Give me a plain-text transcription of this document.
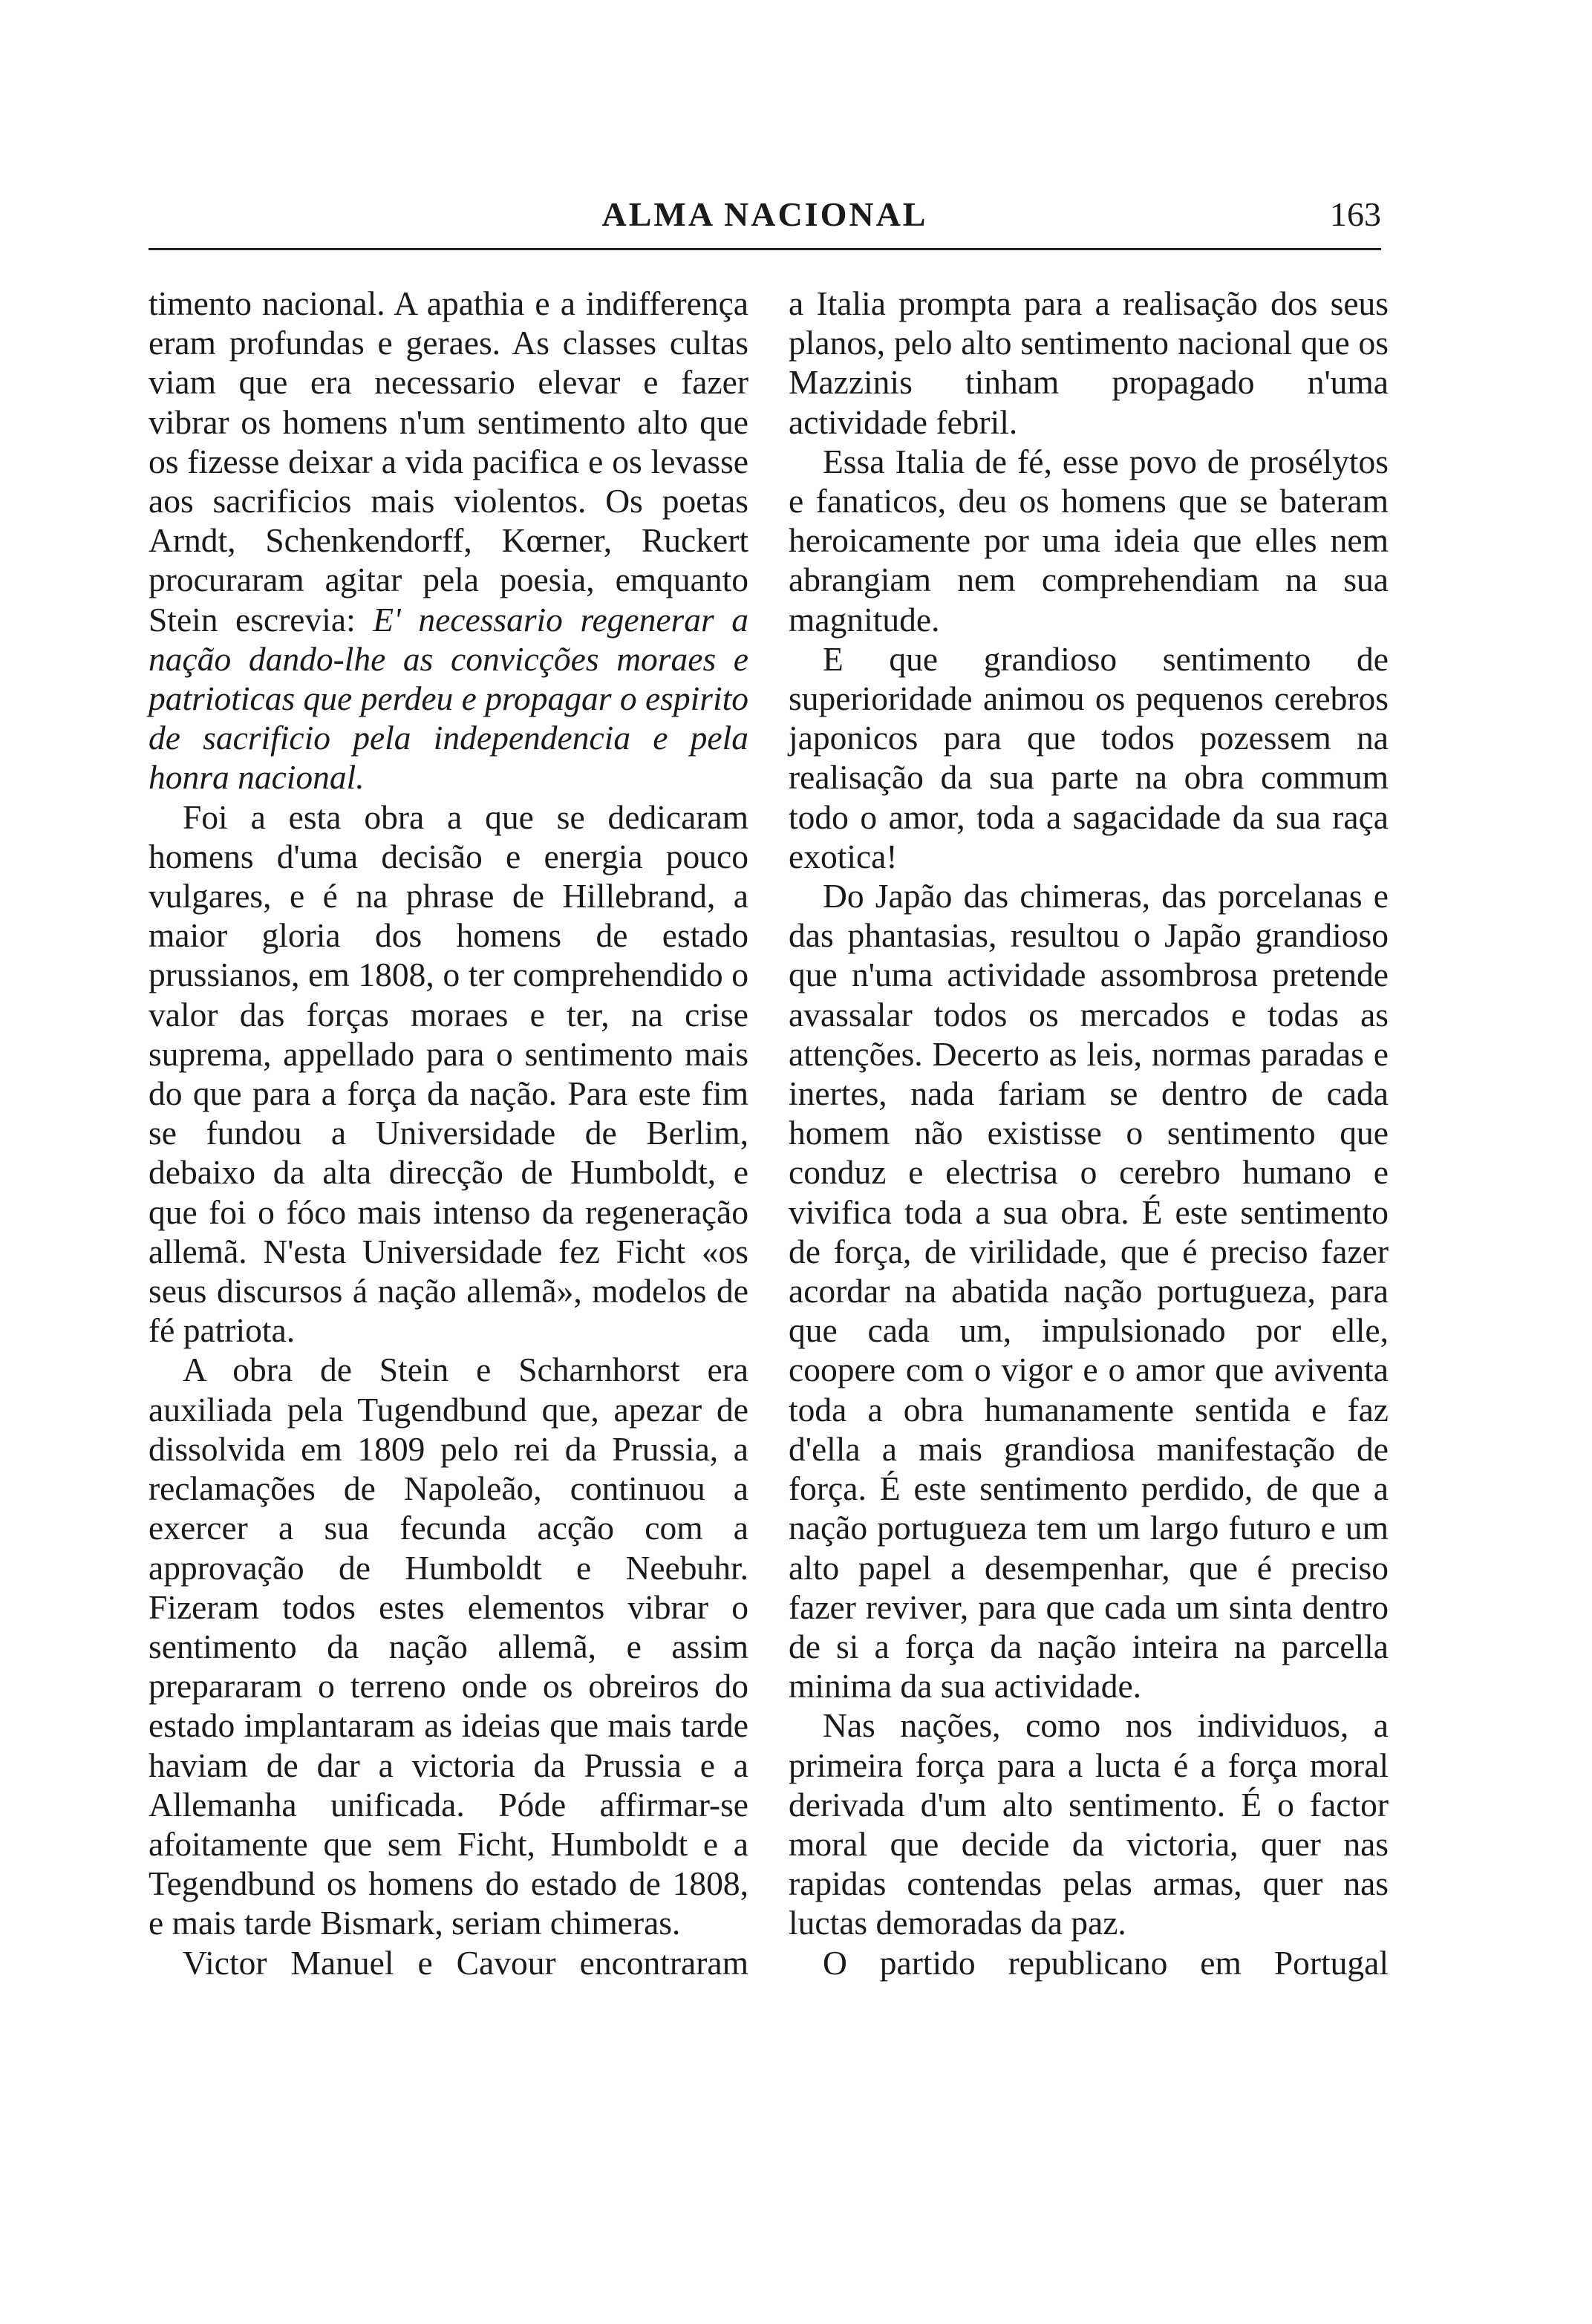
ALMA NACIONAL	163

timento nacional. A apathia e a indifferença eram profundas e geraes. As classes cultas viam que era necessario elevar e fazer vibrar os homens n'um sentimento alto que os fizesse deixar a vida pacifica e os levasse aos sacrificios mais violentos. Os poetas Arndt, Schenkendorff, Kœrner, Ruckert procuraram agitar pela poesia, emquanto Stein escrevia: E' necessario regenerar a nação dando-lhe as convicções moraes e patrioticas que perdeu e propagar o espirito de sacrificio pela independencia e pela honra nacional.

Foi a esta obra a que se dedicaram homens d'uma decisão e energia pouco vulgares, e é na phrase de Hillebrand, a maior gloria dos homens de estado prussianos, em 1808, o ter comprehendido o valor das forças moraes e ter, na crise suprema, appellado para o sentimento mais do que para a força da nação. Para este fim se fundou a Universidade de Berlim, debaixo da alta direcção de Humboldt, e que foi o fóco mais intenso da regeneração allemã. N'esta Universidade fez Ficht «os seus discursos á nação allemã», modelos de fé patriota.

A obra de Stein e Scharnhorst era auxiliada pela Tugendbund que, apezar de dissolvida em 1809 pelo rei da Prussia, a reclamações de Napoleão, continuou a exercer a sua fecunda acção com a approvação de Humboldt e Neebuhr. Fizeram todos estes elementos vibrar o sentimento da nação allemã, e assim prepararam o terreno onde os obreiros do estado implantaram as ideias que mais tarde haviam de dar a victoria da Prussia e a Allemanha unificada. Póde affirmar-se afoitamente que sem Ficht, Humboldt e a Tegendbund os homens do estado de 1808, e mais tarde Bismark, seriam chimeras.

Victor Manuel e Cavour encontraram

a Italia prompta para a realisação dos seus planos, pelo alto sentimento nacional que os Mazzinis tinham propagado n'uma actividade febril.

Essa Italia de fé, esse povo de prosélytos e fanaticos, deu os homens que se bateram heroicamente por uma ideia que elles nem abrangiam nem comprehendiam na sua magnitude.

E que grandioso sentimento de superioridade animou os pequenos cerebros japonicos para que todos pozessem na realisação da sua parte na obra commum todo o amor, toda a sagacidade da sua raça exotica!

Do Japão das chimeras, das porcelanas e das phantasias, resultou o Japão grandioso que n'uma actividade assombrosa pretende avassalar todos os mercados e todas as attenções. Decerto as leis, normas paradas e inertes, nada fariam se dentro de cada homem não existisse o sentimento que conduz e electrisa o cerebro humano e vivifica toda a sua obra. É este sentimento de força, de virilidade, que é preciso fazer acordar na abatida nação portugueza, para que cada um, impulsionado por elle, coopere com o vigor e o amor que aviventa toda a obra humanamente sentida e faz d'ella a mais grandiosa manifestação de força. É este sentimento perdido, de que a nação portugueza tem um largo futuro e um alto papel a desempenhar, que é preciso fazer reviver, para que cada um sinta dentro de si a força da nação inteira na parcella minima da sua actividade.

Nas nações, como nos individuos, a primeira força para a lucta é a força moral derivada d'um alto sentimento. É o factor moral que decide da victoria, quer nas rapidas contendas pelas armas, quer nas luctas demoradas da paz.

O partido republicano em Portugal
